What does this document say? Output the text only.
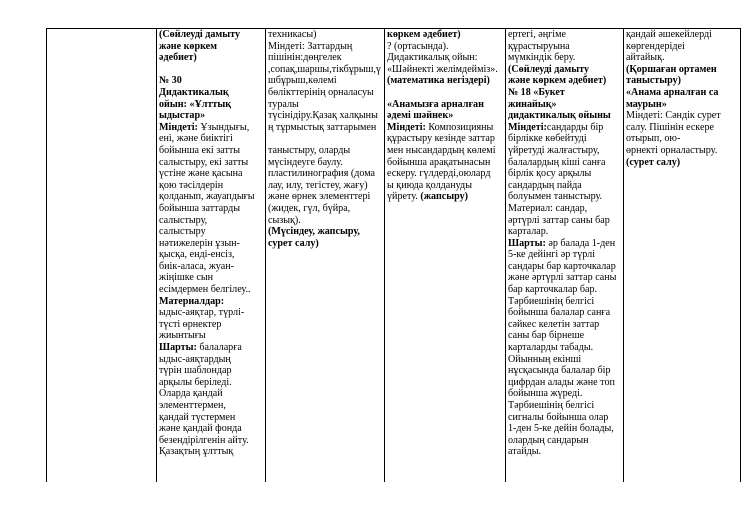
(Сөйлеуді дамыту

және көркем

әдебиет)

№ 30

Дидактикалық

ойын: «Ұлттық

ыдыстар»

Міндеті: Ұзындығы,

ені, және биіктігі

бойынша екі затты

салыстыру, екі затты

үстіне және қасына

қою тәсілдерін

қолданып, жауапдығы

бойынша заттарды

салыстыру,

салыстыру

нәтижелерін ұзын-

қысқа, енді-енсіз,

биік-аласа, жуан-

жіңішке сын

есімдермен белгілеу..

Материалдар:

ыдыс-аяқтар, түрлі-

түсті өрнектер

жиынтығы

Шарты: балаларға

ыдыс-аяқтардың

түрін шаблондар

арқылы беріледі.

Оларда қандай

элементтермен,

қандай түстермен

және қандай фонда

безендірілгенін айту.

Қазақтың ұлттық

техникасы)

Міндеті: Заттардың

пішінін:дөңгелек

,сопақ,шаршы,тікбұрыш,ү

шбұрыш,көлемі

бөлікттерінің орналасуы

туралы

түсінідіру.Қазақ халқыны

ң тұрмыстық заттарымен

таныстыру, оларды

мүсіндеуге баулу.

пластилинография (дома

лау, илу, тегістеу, жағу)

және өрнек элементтері

(жидек, гүл, бүйра,

сызық).

(Мүсіндеу, жапсыру,

сурет салу)

көркем әдебиет)

? (ортасында).

Дидактикалық ойын:

«Шәйнекті желімдейміз».

(математика негіздері)

«Анамызға арналған

әдемі шәйнек»

Міндеті: Композицияны

құрастыру кезінде заттар

мен нысандардың көлемі

бойынша арақатынасын

ескеру. гүлдерді,оюлард

ы қиюда қолдануды

үйрету. (жапсыру)

ертегі, әңгіме

құрастыруына

мүмкіндік беру.

(Сөйлеуді дамыту

және көркем әдебиет)

№ 18 «Букет

жинайық»

дидактикалық ойыны

Міндеті:сандарды бір

бірлікке көбейтуді

үйретуді жалғастыру,

балалардың кіші санға

бірлік қосу арқылы

сандардың пайда

болуымен таныстыру.

Материал: сандар,

әртүрлі заттар саны бар

карталар.

Шарты: әр балада 1-ден

5-ке дейінгі әр түрлі

сандары бар карточкалар

және әртүрлі заттар саны

бар карточкалар бар.

Тәрбиешінің белгісі

бойынша балалар санға

сәйкес келетін заттар

саны бар бірнеше

карталарды табады.

Ойынның екінші

нұсқасында балалар бір

цифрдан алады және топ

бойынша жүреді.

Тәрбиешінің белгісі

сигналы бойынша олар

1-ден 5-ке дейін болады,

олардың сандарын

атайды.

қандай әшекейлерді

көргендерідеі

айтайық.

(Қоршаған ортамен

таныстыру)

«Анама арналған са

маурын»

Міндеті: Сәндік сурет

салу. Пішінін ескере

отырып, ою-

өрнекті орналастыру.

(сурет салу)
